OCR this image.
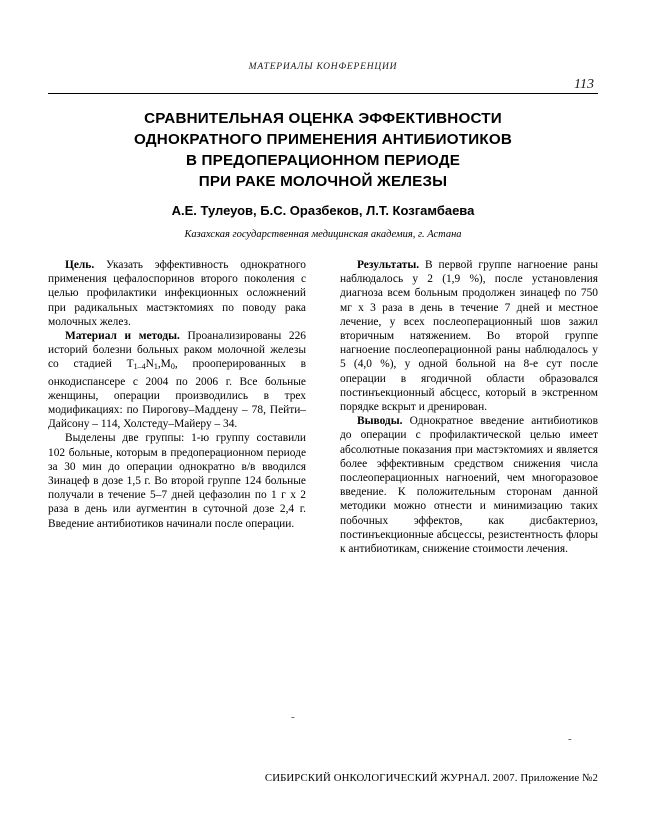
МАТЕРИАЛЫ КОНФЕРЕНЦИИ
113
СРАВНИТЕЛЬНАЯ ОЦЕНКА ЭФФЕКТИВНОСТИ
ОДНОКРАТНОГО ПРИМЕНЕНИЯ АНТИБИОТИКОВ
В ПРЕДОПЕРАЦИОННОМ ПЕРИОДЕ
ПРИ РАКЕ МОЛОЧНОЙ ЖЕЛЕЗЫ
А.Е. Тулеуов, Б.С. Оразбеков, Л.Т. Козгамбаева
Казахская государственная медицинская академия, г. Астана

Цель. Указать эффективность однократного применения цефалоспоринов второго поколения с целью профилактики инфекционных осложнений при радикальных мастэктомиях по поводу рака молочных желез.

Материал и методы. Проанализированы 226 историй болезни больных раком молочной железы со стадией $T_{1-4}N_1,M_0$, прооперированных в онкодиспансере с 2004 по 2006 г. Все больные женщины, операции производились в трех модификациях: по Пирогову–Маддену – 78, Пейти–Дайсону – 114, Холстеду–Майеру – 34.

Выделены две группы: 1-ю группу составили 102 больные, которым в предоперационном периоде за 30 мин до операции однократно в/в вводился Зинацеф в дозе 1,5 г. Во второй группе 124 больные получали в течение 5–7 дней цефазолин по 1 г х 2 раза в день или аугментин в суточной дозе 2,4 г. Введение антибиотиков начинали после операции.

Результаты. В первой группе нагноение раны наблюдалось у 2 (1,9 %), после установления диагноза всем больным продолжен зинацеф по 750 мг х 3 раза в день в течение 7 дней и местное лечение, у всех послеоперационный шов зажил вторичным натяжением. Во второй группе нагноение послеоперационной раны наблюдалось у 5 (4,0 %), у одной больной на 8-е сут после операции в ягодичной области образовался постинъекционный абсцесс, который в экстренном порядке вскрыт и дренирован.

Выводы. Однократное введение антибиотиков до операции с профилактической целью имеет абсолютные показания при мастэктомиях и является более эффективным средством снижения числа послеоперационных нагноений, чем многоразовое введение. К положительным сторонам данной методики можно отнести и минимизацию таких побочных эффектов, как дисбактериоз, постинъекционные абсцессы, резистентность флоры к антибиотикам, снижение стоимости лечения.

-
-
СИБИРСКИЙ ОНКОЛОГИЧЕСКИЙ ЖУРНАЛ. 2007. Приложение №2
